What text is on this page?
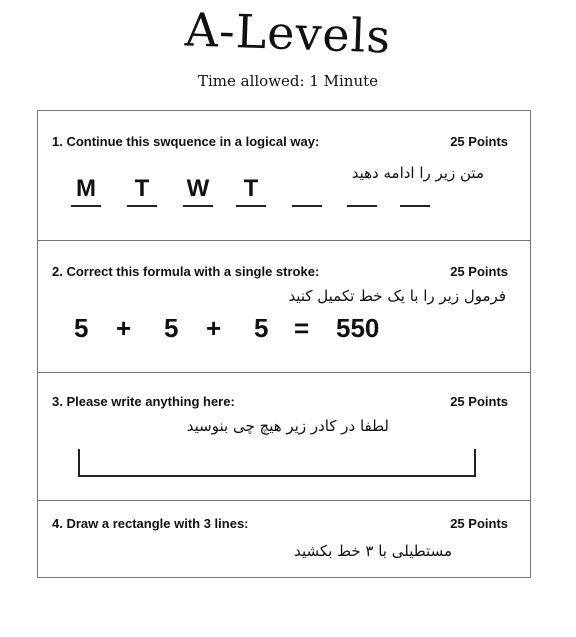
A-Levels
Time allowed: 1 Minute
1. Continue this swquence in a logical way:	25 Points
متن زیر را ادامه دهید
M	T	W	T
2. Correct this formula with a single stroke:	25 Points
فرمول زیر را با یک خط تکمیل کنید
5 + 5 + 5 = 550
3. Please write anything here:	25 Points
لطفا در کادر زیر هیچ چی بنوسید
4. Draw a rectangle with 3 lines:	25 Points
مستطیلی با ۳ خط بکشید
